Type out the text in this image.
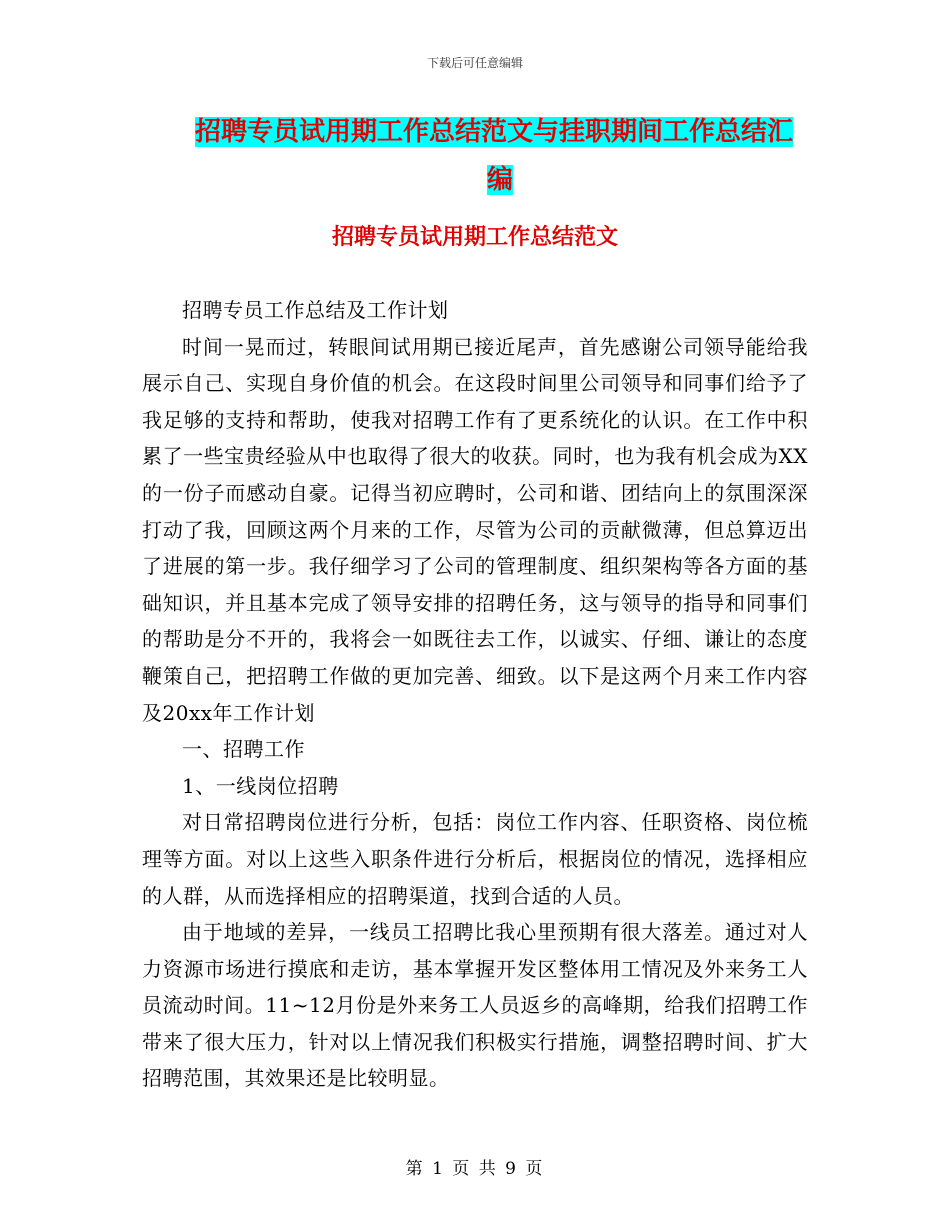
下载后可任意编辑
招聘专员试用期工作总结范文与挂职期间工作总结汇
编
招聘专员试用期工作总结范文

招聘专员工作总结及工作计划

时间一晃而过，转眼间试用期已接近尾声，首先感谢公司领导能给我展示自己、实现自身价值的机会。在这段时间里公司领导和同事们给予了我足够的支持和帮助，使我对招聘工作有了更系统化的认识。在工作中积累了一些宝贵经验从中也取得了很大的收获。同时，也为我有机会成为XX的一份子而感动自豪。记得当初应聘时，公司和谐、团结向上的氛围深深打动了我，回顾这两个月来的工作，尽管为公司的贡献微薄，但总算迈出了进展的第一步。我仔细学习了公司的管理制度、组织架构等各方面的基础知识，并且基本完成了领导安排的招聘任务，这与领导的指导和同事们的帮助是分不开的，我将会一如既往去工作，以诚实、仔细、谦让的态度鞭策自己，把招聘工作做的更加完善、细致。以下是这两个月来工作内容及20xx年工作计划

一、招聘工作

1、一线岗位招聘

对日常招聘岗位进行分析，包括：岗位工作内容、任职资格、岗位梳理等方面。对以上这些入职条件进行分析后，根据岗位的情况，选择相应的人群，从而选择相应的招聘渠道，找到合适的人员。

由于地域的差异，一线员工招聘比我心里预期有很大落差。通过对人力资源市场进行摸底和走访，基本掌握开发区整体用工情况及外来务工人员流动时间。11~12月份是外来务工人员返乡的高峰期，给我们招聘工作带来了很大压力，针对以上情况我们积极实行措施，调整招聘时间、扩大招聘范围，其效果还是比较明显。

第 1 页 共 9 页
